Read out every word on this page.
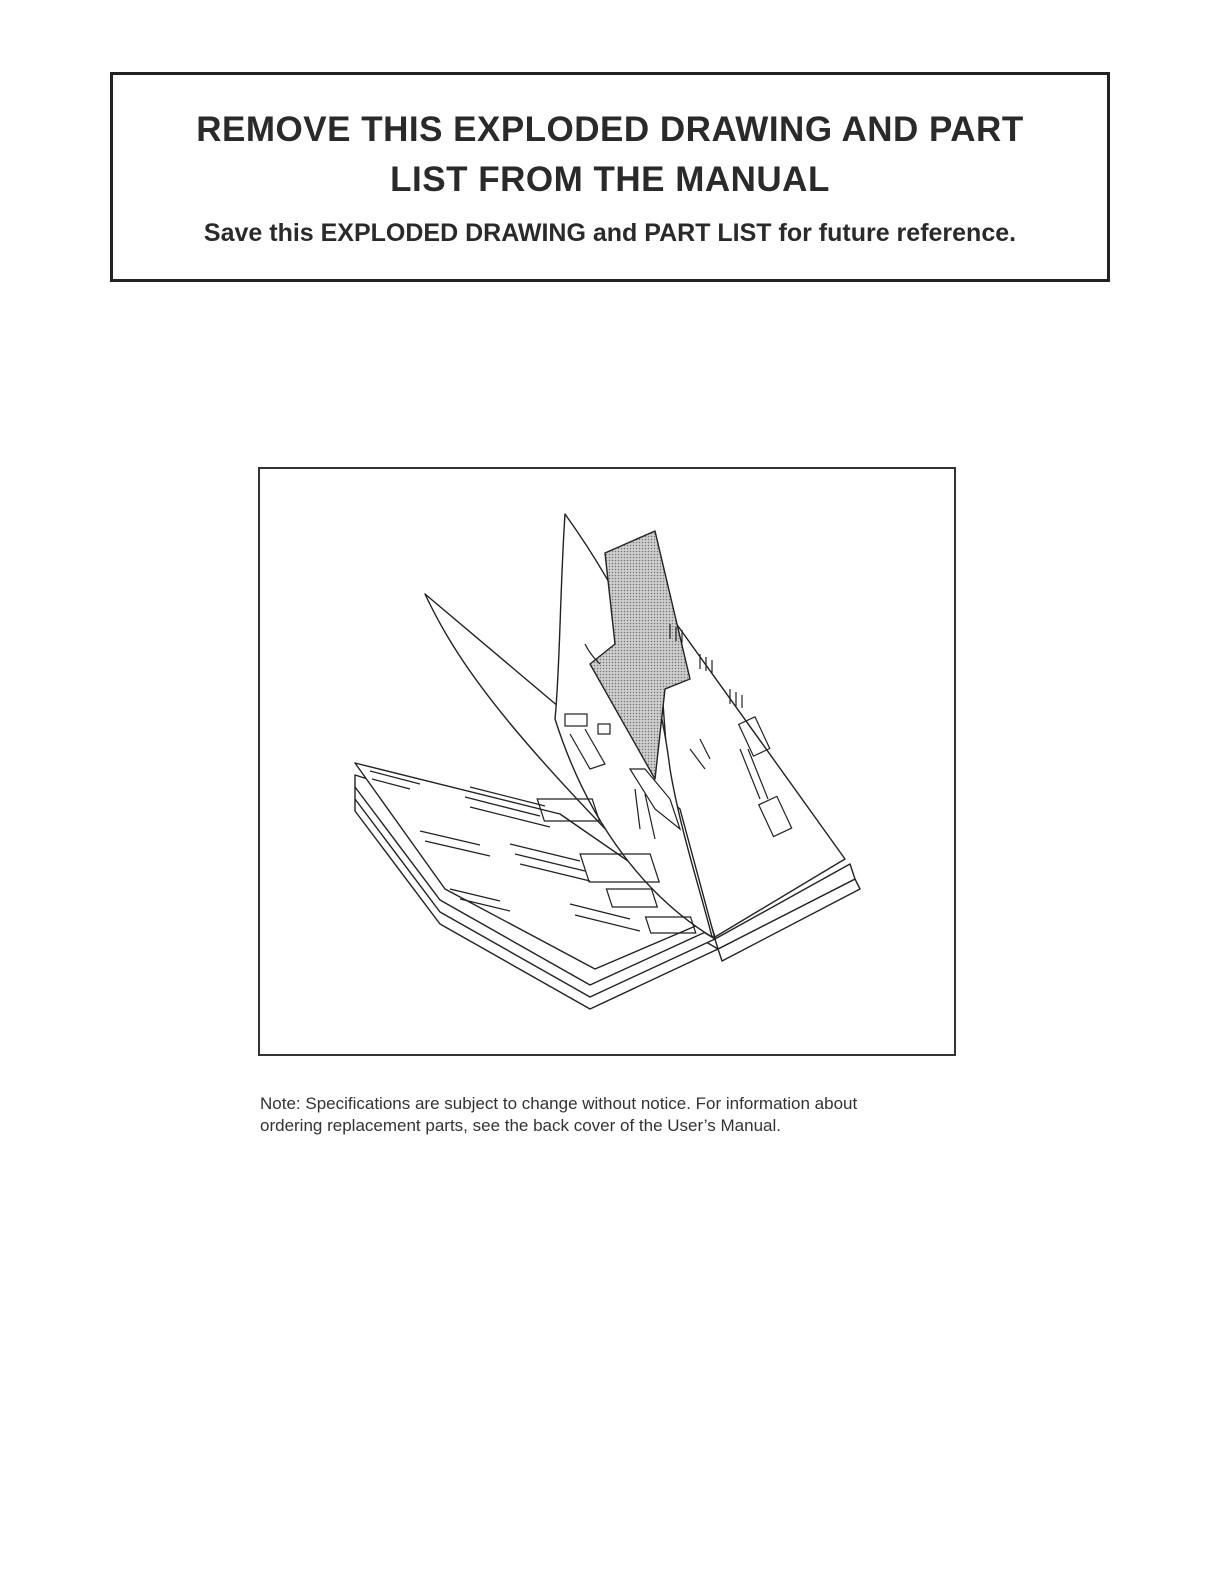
REMOVE THIS EXPLODED DRAWING AND PART
LIST FROM THE MANUAL
Save this EXPLODED DRAWING and PART LIST for future reference.
Note: Specifications are subject to change without notice. For information about
ordering replacement parts, see the back cover of the User’s Manual.
